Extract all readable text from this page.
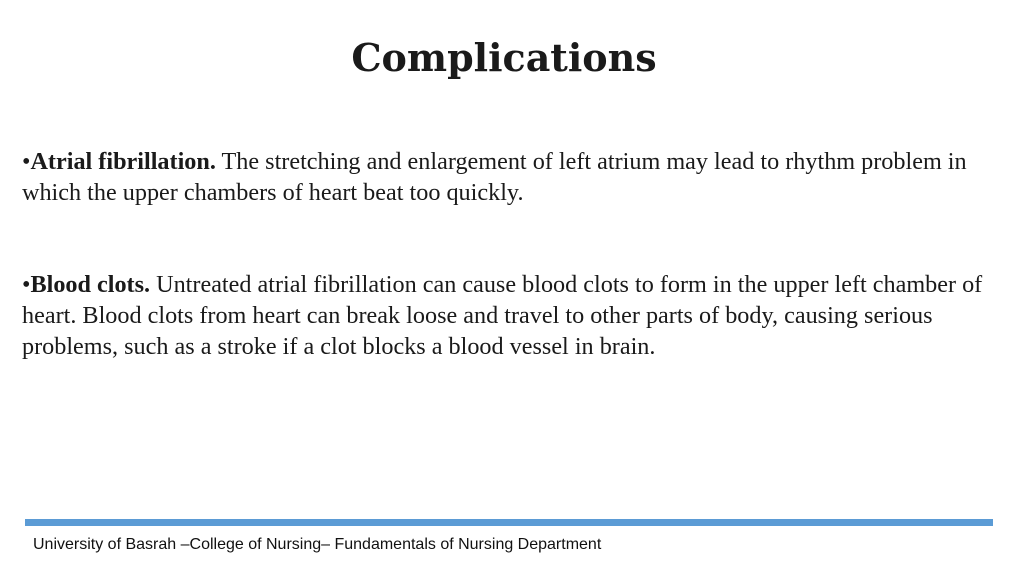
Complications
•Atrial fibrillation. The stretching and enlargement of left atrium may lead to rhythm problem in which the upper chambers of heart beat too quickly.
•Blood clots. Untreated atrial fibrillation can cause blood clots to form in the upper left chamber of heart. Blood clots from heart can break loose and travel to other parts of body, causing serious problems, such as a stroke if a clot blocks a blood vessel in brain.
University of Basrah –College of Nursing– Fundamentals of Nursing Department
